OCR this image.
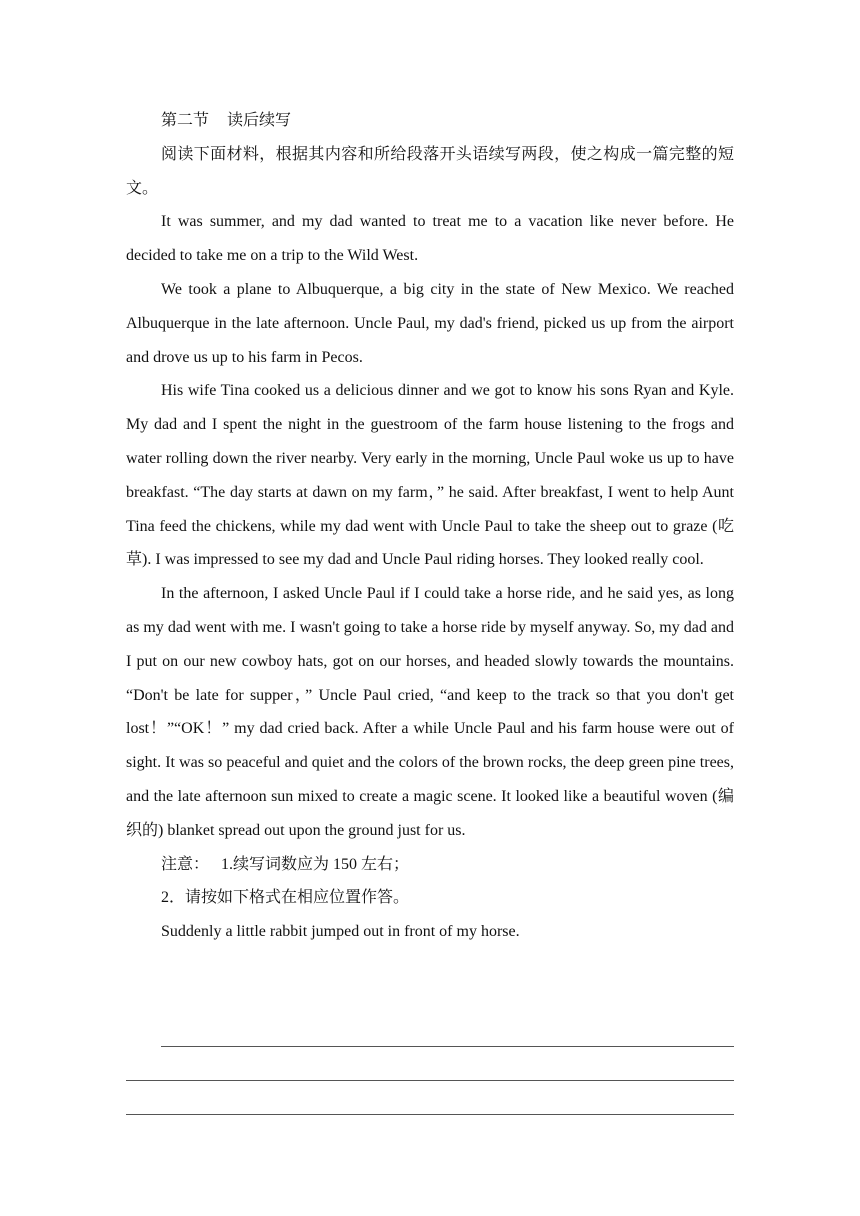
第二节 读后续写

阅读下面材料，根据其内容和所给段落开头语续写两段，使之构成一篇完整的短文。

It was summer, and my dad wanted to treat me to a vacation like never before. He decided to take me on a trip to the Wild West.

We took a plane to Albuquerque, a big city in the state of New Mexico. We reached Albuquerque in the late afternoon. Uncle Paul, my dad's friend, picked us up from the airport and drove us up to his farm in Pecos.

His wife Tina cooked us a delicious dinner and we got to know his sons Ryan and Kyle. My dad and I spent the night in the guestroom of the farm house listening to the frogs and water rolling down the river nearby. Very early in the morning, Uncle Paul woke us up to have breakfast. “The day starts at dawn on my farm，” he said. After breakfast, I went to help Aunt Tina feed the chickens, while my dad went with Uncle Paul to take the sheep out to graze (吃草). I was impressed to see my dad and Uncle Paul riding horses. They looked really cool.

In the afternoon, I asked Uncle Paul if I could take a horse ride, and he said yes, as long as my dad went with me. I wasn't going to take a horse ride by myself anyway. So, my dad and I put on our new cowboy hats, got on our horses, and headed slowly towards the mountains. “Don't be late for supper，” Uncle Paul cried, “and keep to the track so that you don't get lost！”“OK！” my dad cried back. After a while Uncle Paul and his farm house were out of sight. It was so peaceful and quiet and the colors of the brown rocks, the deep green pine trees, and the late afternoon sun mixed to create a magic scene. It looked like a beautiful woven (编织的) blanket spread out upon the ground just for us.

注意： 1.续写词数应为 150 左右；

2．请按如下格式在相应位置作答。

Suddenly a little rabbit jumped out in front of my horse.
